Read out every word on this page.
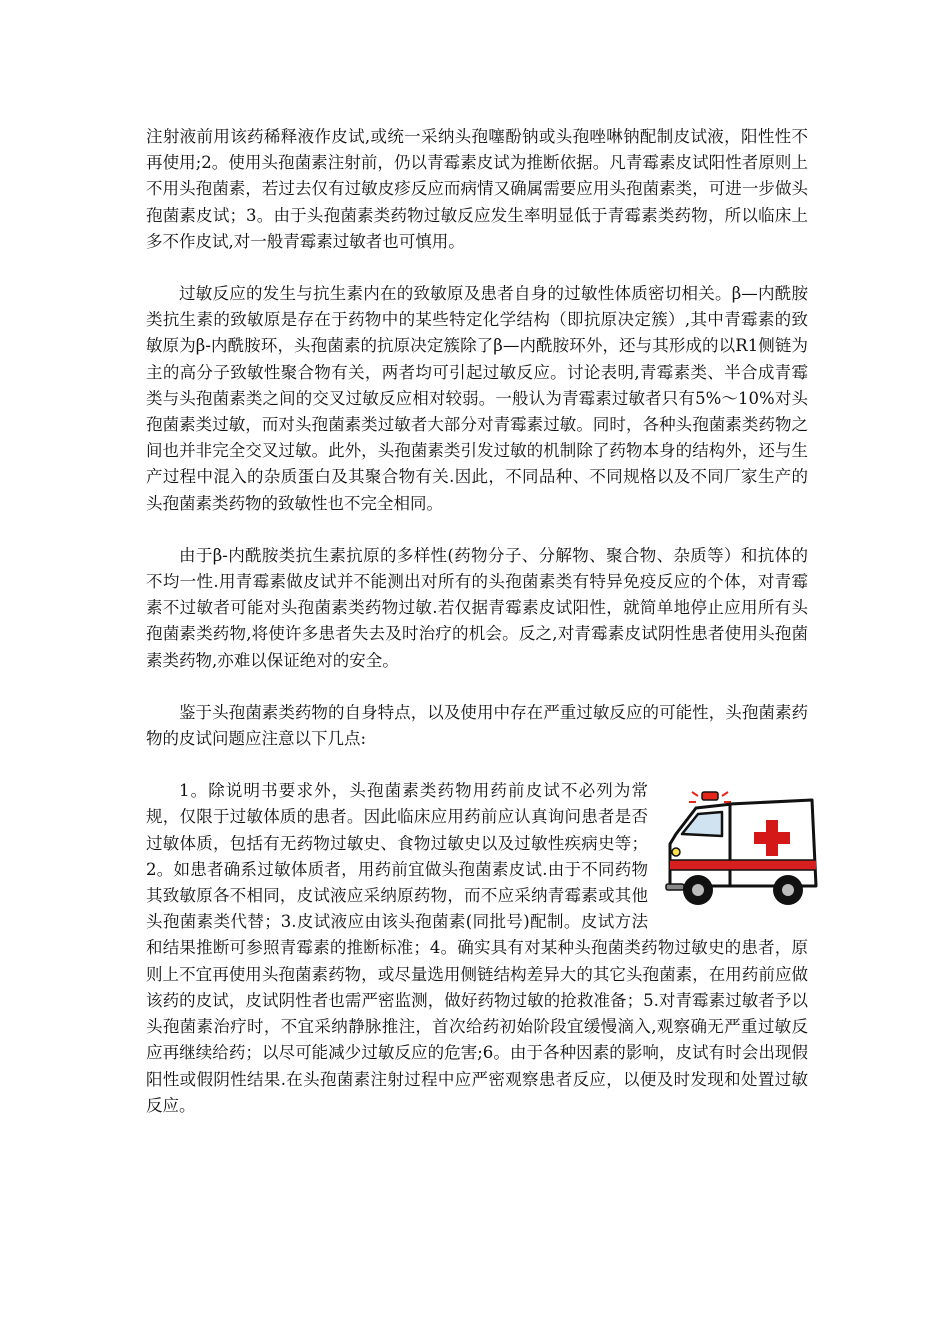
注射液前用该药稀释液作皮试,或统一采纳头孢噻酚钠或头孢唑啉钠配制皮试液，阳性性不再使用;2。使用头孢菌素注射前，仍以青霉素皮试为推断依据。凡青霉素皮试阳性者原则上不用头孢菌素，若过去仅有过敏皮疹反应而病情又确属需要应用头孢菌素类，可进一步做头孢菌素皮试；3。由于头孢菌素类药物过敏反应发生率明显低于青霉素类药物，所以临床上多不作皮试,对一般青霉素过敏者也可慎用。

过敏反应的发生与抗生素内在的致敏原及患者自身的过敏性体质密切相关。β—内酰胺类抗生素的致敏原是存在于药物中的某些特定化学结构（即抗原决定簇）,其中青霉素的致敏原为β-内酰胺环，头孢菌素的抗原决定簇除了β—内酰胺环外，还与其形成的以R1侧链为主的高分子致敏性聚合物有关，两者均可引起过敏反应。讨论表明,青霉素类、半合成青霉类与头孢菌素类之间的交叉过敏反应相对较弱。一般认为青霉素过敏者只有5%～10%对头孢菌素类过敏，而对头孢菌素类过敏者大部分对青霉素过敏。同时，各种头孢菌素类药物之间也并非完全交叉过敏。此外，头孢菌素类引发过敏的机制除了药物本身的结构外，还与生产过程中混入的杂质蛋白及其聚合物有关.因此，不同品种、不同规格以及不同厂家生产的头孢菌素类药物的致敏性也不完全相同。

由于β-内酰胺类抗生素抗原的多样性(药物分子、分解物、聚合物、杂质等）和抗体的不均一性.用青霉素做皮试并不能测出对所有的头孢菌素类有特异免疫反应的个体，对青霉素不过敏者可能对头孢菌素类药物过敏.若仅据青霉素皮试阳性，就简单地停止应用所有头孢菌素类药物,将使许多患者失去及时治疗的机会。反之,对青霉素皮试阴性患者使用头孢菌素类药物,亦难以保证绝对的安全。

鉴于头孢菌素类药物的自身特点，以及使用中存在严重过敏反应的可能性，头孢菌素药物的皮试问题应注意以下几点:

1。除说明书要求外，头孢菌素类药物用药前皮试不必列为常规，仅限于过敏体质的患者。因此临床应用药前应认真询问患者是否过敏体质，包括有无药物过敏史、食物过敏史以及过敏性疾病史等；2。如患者确系过敏体质者，用药前宜做头孢菌素皮试.由于不同药物其致敏原各不相同，皮试液应采纳原药物，而不应采纳青霉素或其他头孢菌素类代替；3.皮试液应由该头孢菌素(同批号)配制。皮试方法和结果推断可参照青霉素的推断标准；4。确实具有对某种头孢菌类药物过敏史的患者，原则上不宜再使用头孢菌素药物，或尽量选用侧链结构差异大的其它头孢菌素，在用药前应做该药的皮试，皮试阴性者也需严密监测，做好药物过敏的抢救准备；5.对青霉素过敏者予以头孢菌素治疗时，不宜采纳静脉推注，首次给药初始阶段宜缓慢滴入,观察确无严重过敏反应再继续给药；以尽可能减少过敏反应的危害;6。由于各种因素的影响，皮试有时会出现假阳性或假阴性结果.在头孢菌素注射过程中应严密观察患者反应，以便及时发现和处置过敏反应。
